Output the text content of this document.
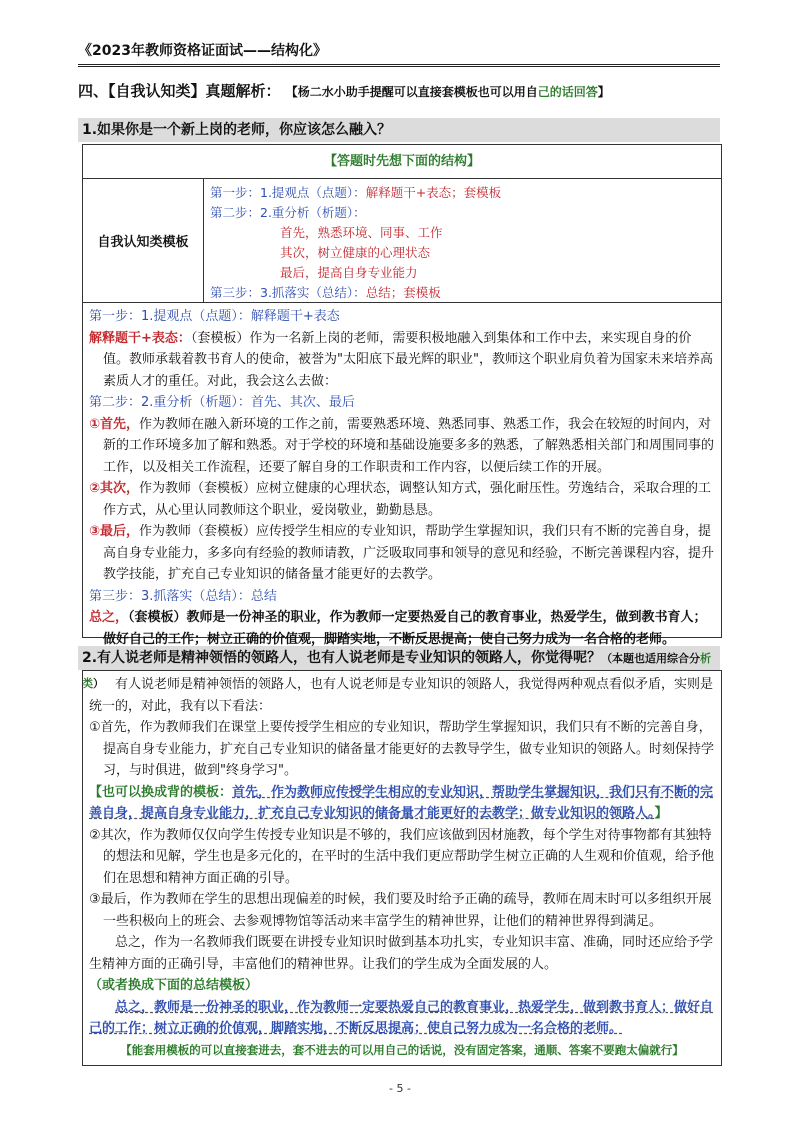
《2023年教师资格证面试——结构化》
四、【自我认知类】真题解析： 【杨二水小助手提醒可以直接套模板也可以用自己的话回答】
1.如果你是一个新上岗的老师，你应该怎么融入？
【答题时先想下面的结构】
自我认知类模板
第一步：1.提观点（点题）：解释题干+表态；套模板
第二步：2.重分析（析题）：
首先，熟悉环境、同事、工作
其次，树立健康的心理状态
最后，提高自身专业能力
第三步：3.抓落实（总结）：总结；套模板

第一步：1.提观点（点题）：解释题干+表态

解释题干+表态：（套模板）作为一名新上岗的老师，需要积极地融入到集体和工作中去，来实现自身的价值。教师承载着教书育人的使命，被誉为"太阳底下最光辉的职业"，教师这个职业肩负着为国家未来培养高素质人才的重任。对此，我会这么去做：

第二步：2.重分析（析题）：首先、其次、最后

①首先，作为教师在融入新环境的工作之前，需要熟悉环境、熟悉同事、熟悉工作，我会在较短的时间内，对新的工作环境多加了解和熟悉。对于学校的环境和基础设施要多多的熟悉，了解熟悉相关部门和周围同事的工作，以及相关工作流程，还要了解自身的工作职责和工作内容，以便后续工作的开展。

②其次，作为教师（套模板）应树立健康的心理状态，调整认知方式，强化耐压性。劳逸结合，采取合理的工作方式，从心里认同教师这个职业，爱岗敬业，勤勤恳恳。

③最后，作为教师（套模板）应传授学生相应的专业知识，帮助学生掌握知识，我们只有不断的完善自身，提高自身专业能力，多多向有经验的教师请教，广泛吸取同事和领导的意见和经验，不断完善课程内容，提升教学技能，扩充自己专业知识的储备量才能更好的去教学。

第三步：3.抓落实（总结）：总结

总之，（套模板）教师是一份神圣的职业，作为教师一定要热爱自己的教育事业，热爱学生，做到教书育人；做好自己的工作；树立正确的价值观，脚踏实地，不断反思提高；使自己努力成为一名合格的老师。

2.有人说老师是精神领悟的领路人，也有人说老师是专业知识的领路人，你觉得呢？（本题也适用综合分析类） 有人说老师是精神领悟的领路人，也有人说老师是专业知识的领路人，我觉得两种观点看似矛盾，实则是统一的，对此，我有以下看法：

①首先，作为教师我们在课堂上要传授学生相应的专业知识，帮助学生掌握知识，我们只有不断的完善自身，提高自身专业能力，扩充自己专业知识的储备量才能更好的去教导学生，做专业知识的领路人。时刻保持学习，与时俱进，做到"终身学习"。

【也可以换成背的模板：首先，作为教师应传授学生相应的专业知识，帮助学生掌握知识，我们只有不断的完善自身，提高自身专业能力，扩充自己专业知识的储备量才能更好的去教学；做专业知识的领路人。】

②其次，作为教师仅仅向学生传授专业知识是不够的，我们应该做到因材施教，每个学生对待事物都有其独特的想法和见解，学生也是多元化的，在平时的生活中我们更应帮助学生树立正确的人生观和价值观，给予他们在思想和精神方面正确的引导。

③最后，作为教师在学生的思想出现偏差的时候，我们要及时给予正确的疏导，教师在周末时可以多组织开展一些积极向上的班会、去参观博物馆等活动来丰富学生的精神世界，让他们的精神世界得到满足。

总之，作为一名教师我们既要在讲授专业知识时做到基本功扎实，专业知识丰富、准确，同时还应给予学生精神方面的正确引导，丰富他们的精神世界。让我们的学生成为全面发展的人。

（或者换成下面的总结模板）

总之，教师是一份神圣的职业，作为教师一定要热爱自己的教育事业，热爱学生，做到教书育人；做好自己的工作；树立正确的价值观，脚踏实地，不断反思提高；使自己努力成为一名合格的老师。

【能套用模板的可以直接套进去，套不进去的可以用自己的话说，没有固定答案，通顺、答案不要跑太偏就行】
- 5 -
